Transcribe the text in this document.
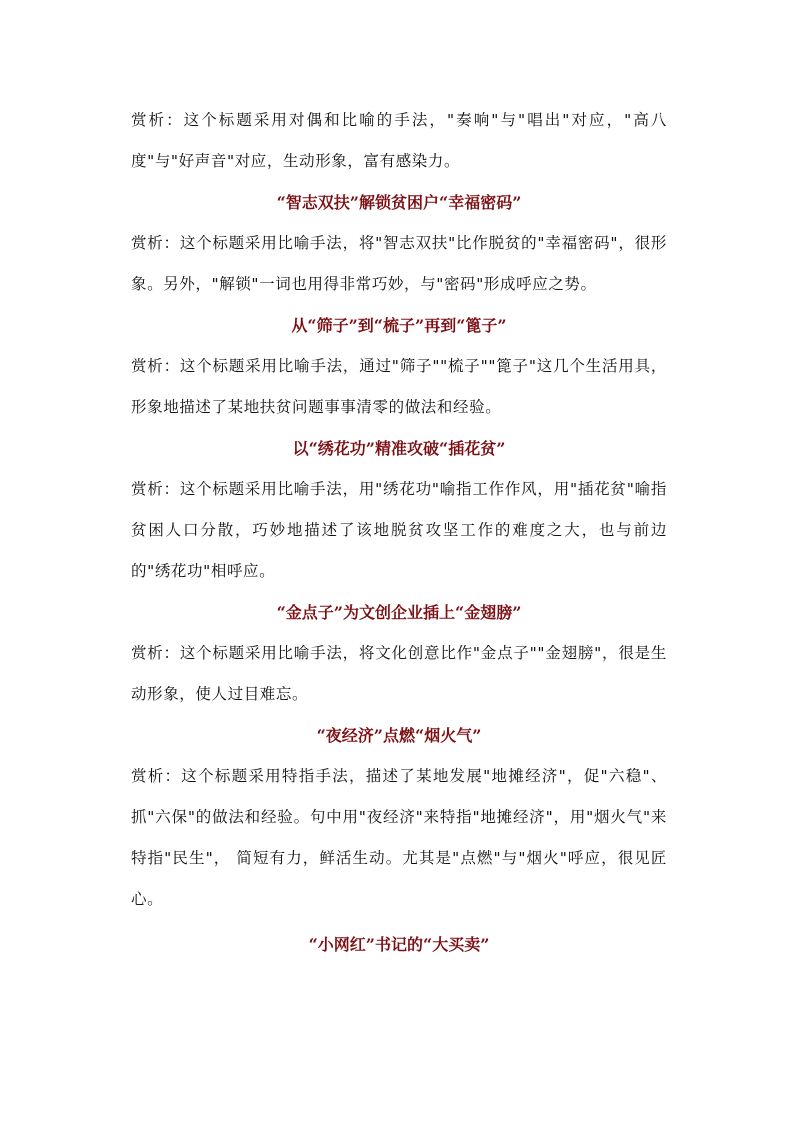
赏析：这个标题采用对偶和比喻的手法，"奏响"与"唱出"对应，"高八度"与"好声音"对应，生动形象，富有感染力。

“智志双扶”解锁贫困户“幸福密码”

赏析：这个标题采用比喻手法，将"智志双扶"比作脱贫的"幸福密码"，很形象。另外，"解锁"一词也用得非常巧妙，与"密码"形成呼应之势。

从“筛子”到“梳子”再到“篦子”

赏析：这个标题采用比喻手法，通过"筛子""梳子""篦子"这几个生活用具，形象地描述了某地扶贫问题事事清零的做法和经验。

以“绣花功”精准攻破“插花贫”

赏析：这个标题采用比喻手法，用"绣花功"喻指工作作风，用"插花贫"喻指贫困人口分散，巧妙地描述了该地脱贫攻坚工作的难度之大，也与前边的"绣花功"相呼应。

“金点子”为文创企业插上“金翅膀”

赏析：这个标题采用比喻手法，将文化创意比作"金点子""金翅膀"，很是生动形象，使人过目难忘。

“夜经济”点燃“烟火气”

赏析：这个标题采用特指手法，描述了某地发展"地摊经济"，促"六稳"、抓"六保"的做法和经验。句中用"夜经济"来特指"地摊经济"，用"烟火气"来特指"民生"， 简短有力，鲜活生动。尤其是"点燃"与"烟火"呼应，很见匠心。

“小网红”书记的“大买卖”
